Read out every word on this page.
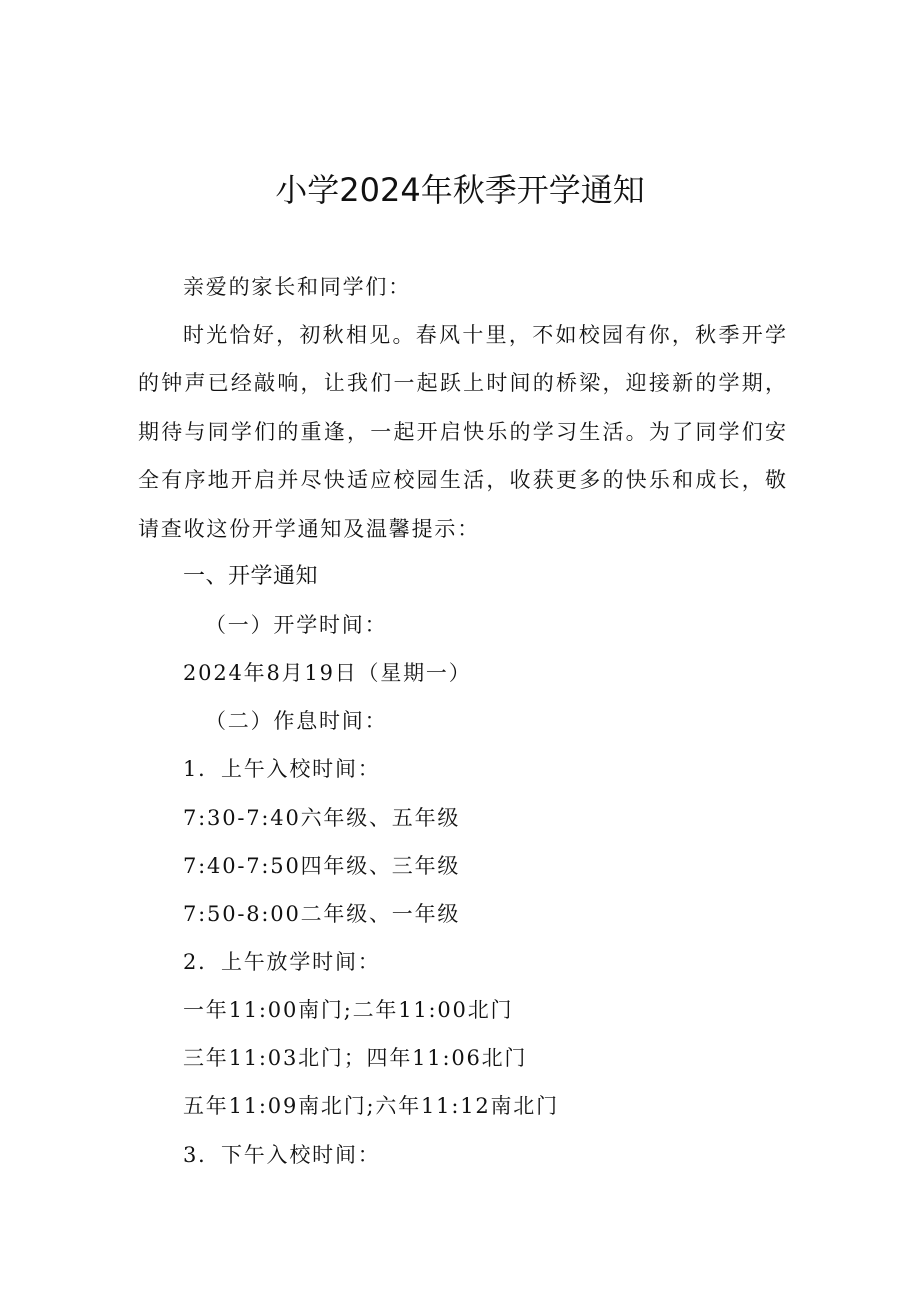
小学2024年秋季开学通知
亲爱的家长和同学们：
时光恰好，初秋相见。春风十里，不如校园有你，秋季开学
的钟声已经敲响，让我们一起跃上时间的桥梁，迎接新的学期，
期待与同学们的重逢，一起开启快乐的学习生活。为了同学们安
全有序地开启并尽快适应校园生活，收获更多的快乐和成长，敬
请查收这份开学通知及温馨提示：
一、开学通知
（一）开学时间：
2024年8月19日（星期一）
（二）作息时间：
1．上午入校时间：
7:30-7:40六年级、五年级
7:40-7:50四年级、三年级
7:50-8:00二年级、一年级
2．上午放学时间：
一年11:00南门;二年11:00北门
三年11:03北门；四年11:06北门
五年11:09南北门;六年11:12南北门
3．下午入校时间：
